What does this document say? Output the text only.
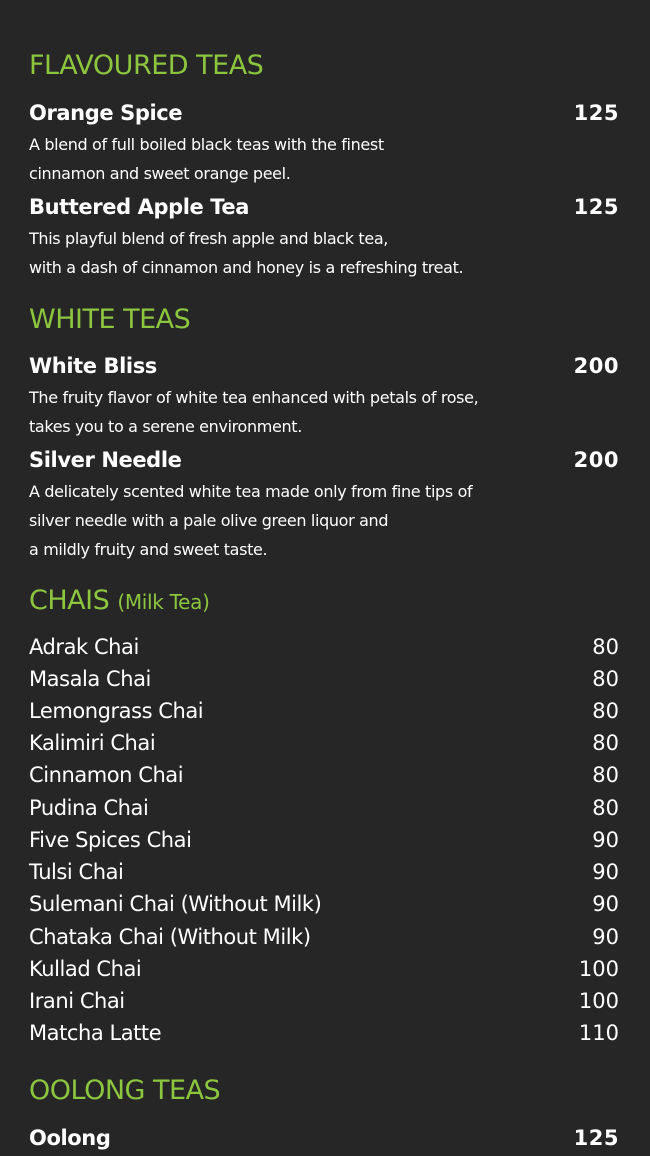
FLAVOURED TEAS
Orange Spice	125
A blend of full boiled black teas with the finest
cinnamon and sweet orange peel.
Buttered Apple Tea	125
This playful blend of fresh apple and black tea,
with a dash of cinnamon and honey is a refreshing treat.
WHITE TEAS
White Bliss	200
The fruity flavor of white tea enhanced with petals of rose,
takes you to a serene environment.
Silver Needle	200
A delicately scented white tea made only from fine tips of
silver needle with a pale olive green liquor and
a mildly fruity and sweet taste.
CHAIS (Milk Tea)
Adrak Chai	80
Masala Chai	80
Lemongrass Chai	80
Kalimiri Chai	80
Cinnamon Chai	80
Pudina Chai	80
Five Spices Chai	90
Tulsi Chai	90
Sulemani Chai (Without Milk)	90
Chataka Chai (Without Milk)	90
Kullad Chai	100
Irani Chai	100
Matcha Latte	110
OOLONG TEAS
Oolong	125
